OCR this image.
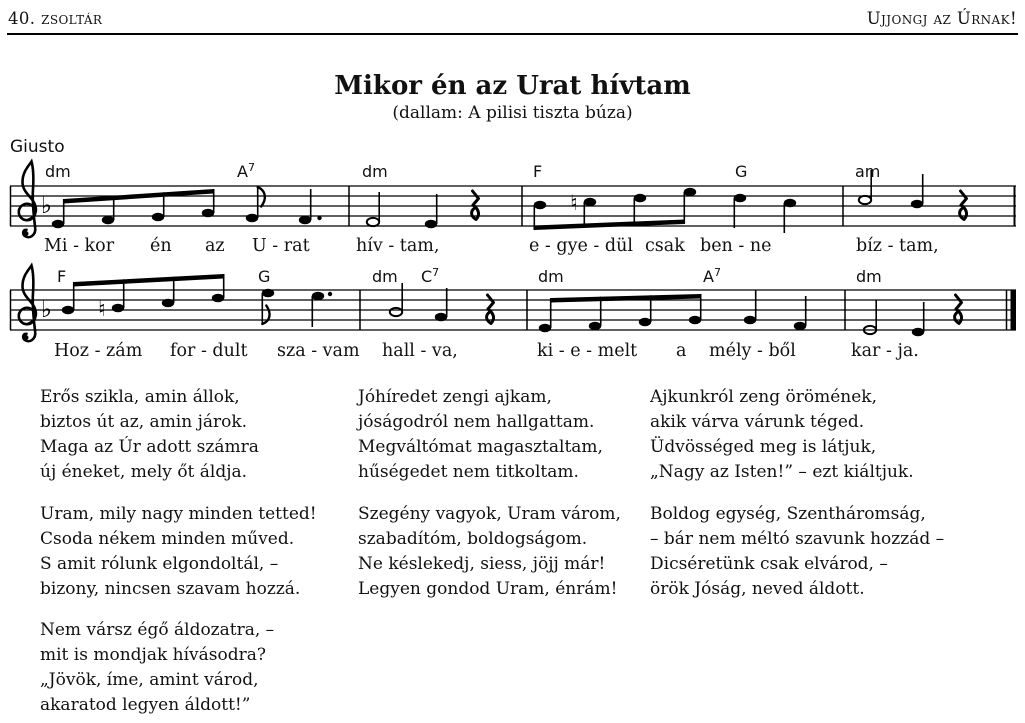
40. zsoltár	Ujjongj az Úrnak!
Mikor én az Urat hívtam
(dallam: A pilisi tiszta búza)
Giusto
♭	♮
♭ ♮
dm	$A^7$	dm	F	G	am
F	G	dm $C^7$	dm	$A^7$	dm
Mi - kor én az U - rat	hív - tam,	e - gye - dül csak ben - ne	bíz - tam,
Hoz - zám for - dult sza - vam hall - va,	ki - e - melt a mély - ből	kar - ja.
Erős szikla, amin állok,
biztos út az, amin járok.
Maga az Úr adott számra
új éneket, mely őt áldja.
Jóhíredet zengi ajkam,
jóságodról nem hallgattam.
Megváltómat magasztaltam,
hűségedet nem titkoltam.
Ajkunkról zeng örömének,
akik várva várunk téged.
Üdvösséged meg is látjuk,
„Nagy az Isten!” – ezt kiáltjuk.
Uram, mily nagy minden tetted!
Csoda nékem minden műved.
S amit rólunk elgondoltál, –
bizony, nincsen szavam hozzá.
Szegény vagyok, Uram várom,
szabadítóm, boldogságom.
Ne késlekedj, siess, jöjj már!
Legyen gondod Uram, énrám!
Boldog egység, Szentháromság,
– bár nem méltó szavunk hozzád –
Dicséretünk csak elvárod, –
örök Jóság, neved áldott.
Nem vársz égő áldozatra, –
mit is mondjak hívásodra?
„Jövök, íme, amint várod,
akaratod legyen áldott!”
